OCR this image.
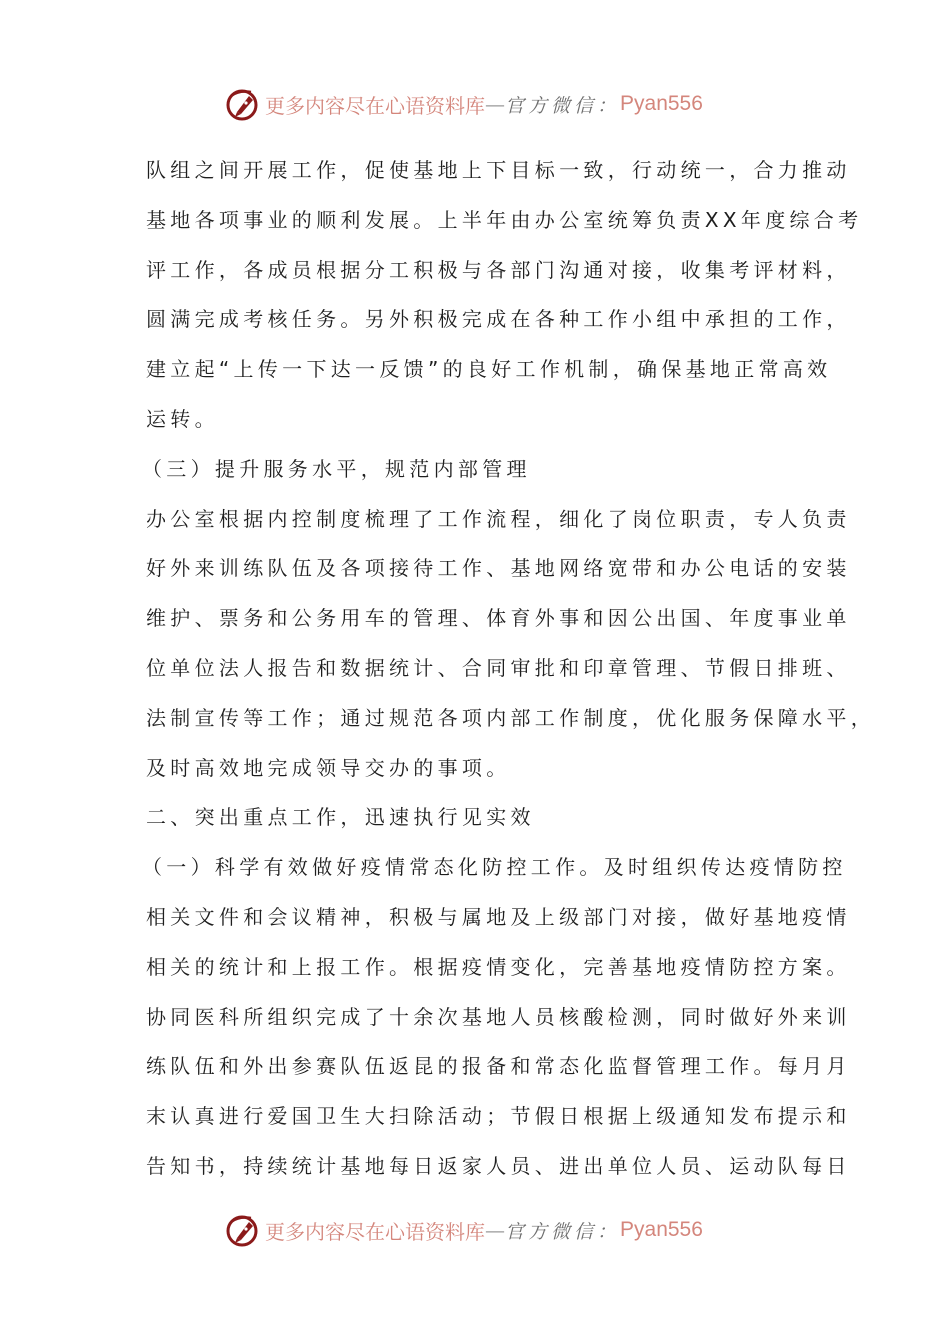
更多内容尽在心语资料库 — 官方微信： Pyan556
队组之间开展工作，促使基地上下目标一致，行动统一，合力推动
基地各项事业的顺利发展。上半年由办公室统筹负责XX年度综合考
评工作，各成员根据分工积极与各部门沟通对接，收集考评材料，
圆满完成考核任务。另外积极完成在各种工作小组中承担的工作，
建立起“上传一下达一反馈”的良好工作机制，确保基地正常高效
运转。
（三）提升服务水平，规范内部管理
办公室根据内控制度梳理了工作流程，细化了岗位职责，专人负责
好外来训练队伍及各项接待工作、基地网络宽带和办公电话的安装
维护、票务和公务用车的管理、体育外事和因公出国、年度事业单
位单位法人报告和数据统计、合同审批和印章管理、节假日排班、
法制宣传等工作；通过规范各项内部工作制度，优化服务保障水平，
及时高效地完成领导交办的事项。
二、突出重点工作，迅速执行见实效
（一）科学有效做好疫情常态化防控工作。及时组织传达疫情防控
相关文件和会议精神，积极与属地及上级部门对接，做好基地疫情
相关的统计和上报工作。根据疫情变化，完善基地疫情防控方案。
协同医科所组织完成了十余次基地人员核酸检测，同时做好外来训
练队伍和外出参赛队伍返昆的报备和常态化监督管理工作。每月月
末认真进行爱国卫生大扫除活动；节假日根据上级通知发布提示和
告知书，持续统计基地每日返家人员、进出单位人员、运动队每日
更多内容尽在心语资料库 — 官方微信： Pyan556
